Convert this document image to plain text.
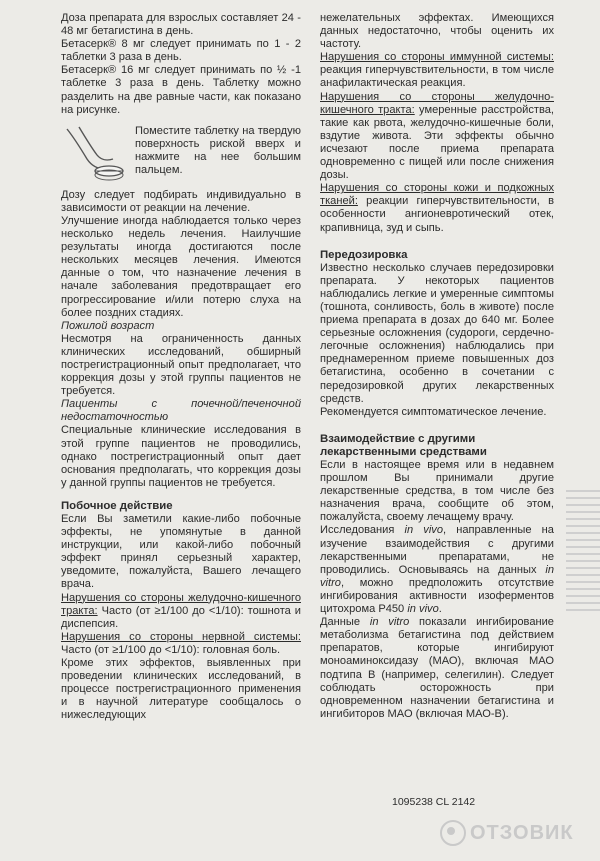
Доза препарата для взрослых составляет 24 - 48 мг бетагистина в день.

Бетасерк® 8 мг следует принимать по 1 - 2 таблетки 3 раза в день.

Бетасерк® 16 мг следует принимать по ½ -1 таблетке 3 раза в день. Таблетку можно разделить на две равные части, как показано на рисунке.

Поместите таблетку на твердую поверхность риской вверх и нажмите на нее большим пальцем.

Дозу следует подбирать индивидуально в зависимости от реакции на лечение.

Улучшение иногда наблюдается только через несколько недель лечения. Наилучшие результаты иногда достигаются после нескольких месяцев лечения. Имеются данные о том, что назначение лечения в начале заболевания предотвращает его прогрессирование и/или потерю слуха на более поздних стадиях.

Пожилой возраст

Несмотря на ограниченность данных клинических исследований, обширный пострегистрационный опыт предполагает, что коррекция дозы у этой группы пациентов не требуется.

Пациенты с почечной/печеночной недостаточностью

Специальные клинические исследования в этой группе пациентов не проводились, однако пострегистрационный опыт дает основания предполагать, что коррекция дозы у данной группы пациентов не требуется.

Побочное действие

Если Вы заметили какие-либо побочные эффекты, не упомянутые в данной инструкции, или какой-либо побочный эффект принял серьезный характер, уведомите, пожалуйста, Вашего лечащего врача.

Нарушения со стороны желудочно-кишечного тракта: Часто (от ≥1/100 до <1/10): тошнота и диспепсия.

Нарушения со стороны нервной системы: Часто (от ≥1/100 до <1/10): головная боль.

Кроме этих эффектов, выявленных при проведении клинических исследований, в процессе пострегистрационного применения и в научной литературе сообщалось о нижеследующих

нежелательных эффектах. Имеющихся данных недостаточно, чтобы оценить их частоту.

Нарушения со стороны иммунной системы: реакция гиперчувствительности, в том числе анафилактическая реакция.

Нарушения со стороны желудочно-кишечного тракта: умеренные расстройства, такие как рвота, желудочно-кишечные боли, вздутие живота. Эти эффекты обычно исчезают после приема препарата одновременно с пищей или после снижения дозы.

Нарушения со стороны кожи и подкожных тканей: реакции гиперчувствительности, в особенности ангионевротический отек, крапивница, зуд и сыпь.

Передозировка

Известно несколько случаев передозировки препарата. У некоторых пациентов наблюдались легкие и умеренные симптомы (тошнота, сонливость, боль в животе) после приема препарата в дозах до 640 мг. Более серьезные осложнения (судороги, сердечно-легочные осложнения) наблюдались при преднамеренном приеме повышенных доз бетагистина, особенно в сочетании с передозировкой других лекарственных средств.

Рекомендуется симптоматическое лечение.

Взаимодействие с другими лекарственными средствами

Если в настоящее время или в недавнем прошлом Вы принимали другие лекарственные средства, в том числе без назначения врача, сообщите об этом, пожалуйста, своему лечащему врачу.

Исследования in vivo, направленные на изучение взаимодействия с другими лекарственными препаратами, не проводились. Основываясь на данных in vitro, можно предположить отсутствие ингибирования активности изоферментов цитохрома Р450 in vivo.

Данные in vitro показали ингибирование метаболизма бетагистина под действием препаратов, которые ингибируют моноаминоксидазу (МАО), включая МАО подтипа В (например, селегилин). Следует соблюдать осторожность при одновременном назначении бетагистина и ингибиторов МАО (включая МАО-В).

1095238 CL 2142
ОТЗОВИК
